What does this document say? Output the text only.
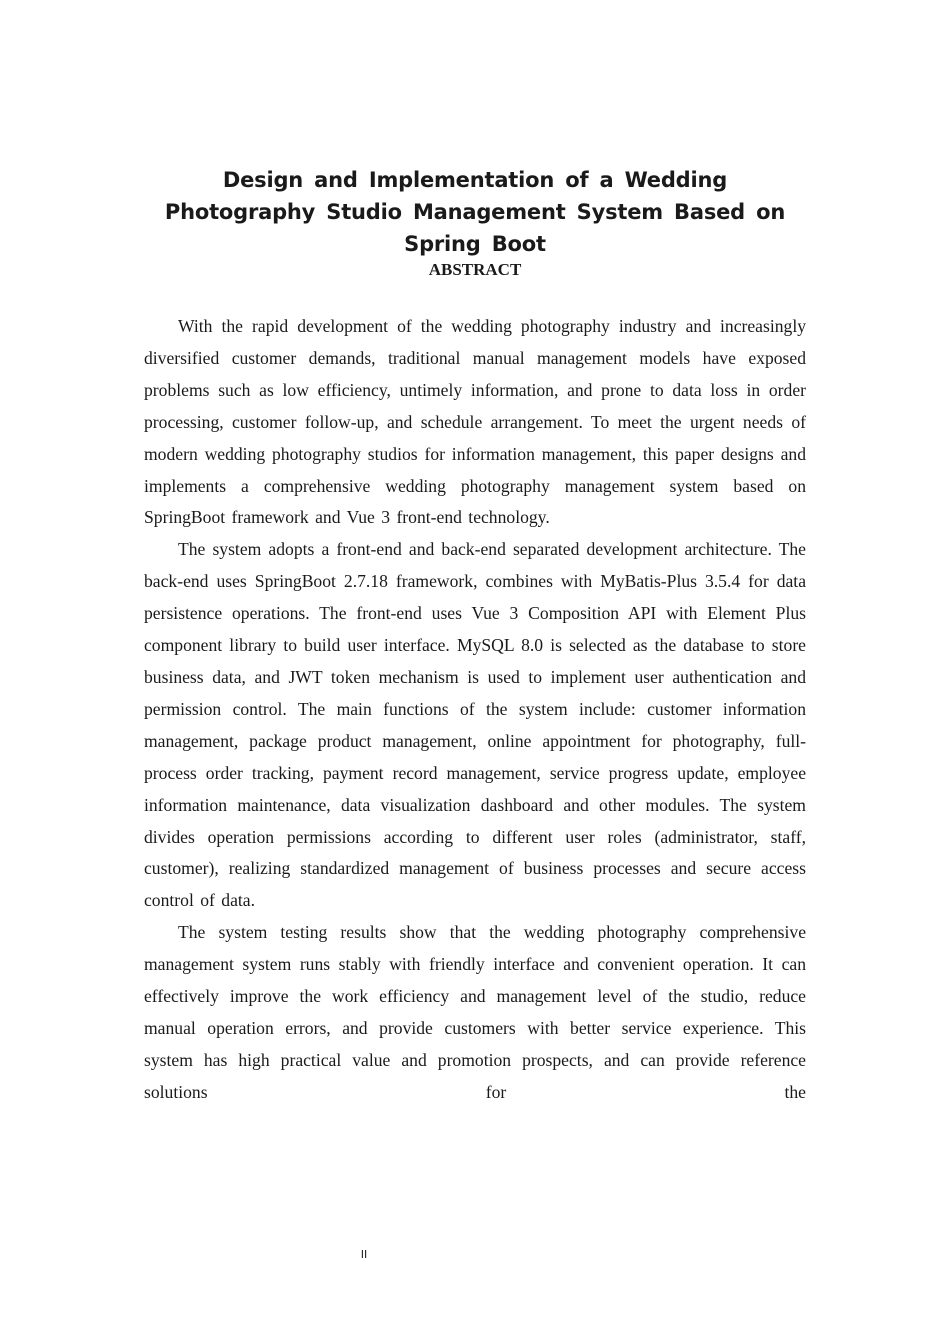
Design and Implementation of a Wedding Photography Studio Management System Based on Spring Boot
ABSTRACT

With the rapid development of the wedding photography industry and increasingly diversified customer demands, traditional manual management models have exposed problems such as low efficiency, untimely information, and prone to data loss in order processing, customer follow-up, and schedule arrangement. To meet the urgent needs of modern wedding photography studios for information management, this paper designs and implements a comprehensive wedding photography management system based on SpringBoot framework and Vue 3 front-end technology.

The system adopts a front-end and back-end separated development architecture. The back-end uses SpringBoot 2.7.18 framework, combines with MyBatis-Plus 3.5.4 for data persistence operations. The front-end uses Vue 3 Composition API with Element Plus component library to build user interface. MySQL 8.0 is selected as the database to store business data, and JWT token mechanism is used to implement user authentication and permission control. The main functions of the system include: customer information management, package product management, online appointment for photography, full-process order tracking, payment record management, service progress update, employee information maintenance, data visualization dashboard and other modules. The system divides operation permissions according to different user roles (administrator, staff, customer), realizing standardized management of business processes and secure access control of data.

The system testing results show that the wedding photography comprehensive management system runs stably with friendly interface and convenient operation. It can effectively improve the work efficiency and management level of the studio, reduce manual operation errors, and provide customers with better service experience. This system has high practical value and promotion prospects, and can provide reference solutions for the

II
